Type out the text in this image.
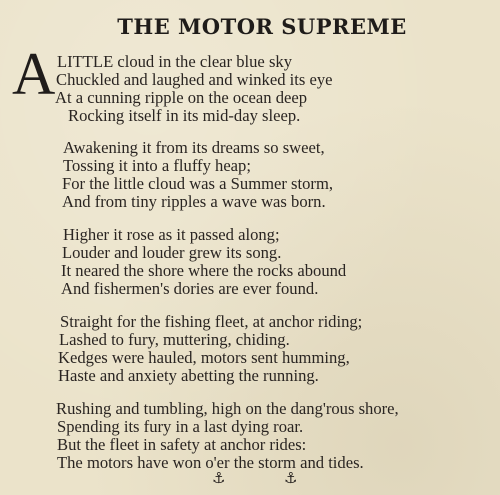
THE MOTOR SUPREME
A LITTLE cloud in the clear blue sky
Chuckled and laughed and winked its eye
At a cunning ripple on the ocean deep
Rocking itself in its mid-day sleep.
Awakening it from its dreams so sweet,
Tossing it into a fluffy heap;
For the little cloud was a Summer storm,
And from tiny ripples a wave was born.
Higher it rose as it passed along;
Louder and louder grew its song.
It neared the shore where the rocks abound
And fishermen's dories are ever found.
Straight for the fishing fleet, at anchor riding;
Lashed to fury, muttering, chiding.
Kedges were hauled, motors sent humming,
Haste and anxiety abetting the running.
Rushing and tumbling, high on the dang'rous shore,
Spending its fury in a last dying roar.
But the fleet in safety at anchor rides:
The motors have won o'er the storm and tides.
⚓	⚓
